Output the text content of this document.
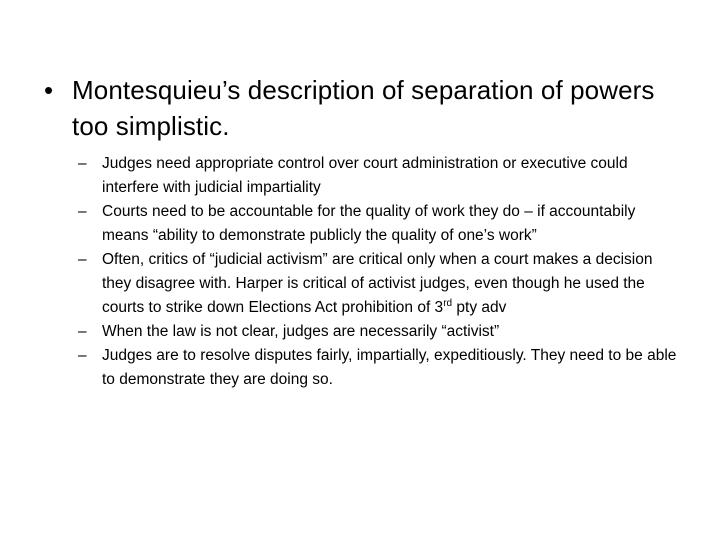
• Montesquieu’s description of separation of powers too simplistic.
– Judges need appropriate control over court administration or executive could interfere with judicial impartiality
– Courts need to be accountable for the quality of work they do – if accountabily means “ability to demonstrate publicly the quality of one’s work”
– Often, critics of “judicial activism” are critical only when a court makes a decision they disagree with. Harper is critical of activist judges, even though he used the courts to strike down Elections Act prohibition of 3rd pty adv
– When the law is not clear, judges are necessarily “activist”
– Judges are to resolve disputes fairly, impartially, expeditiously. They need to be able to demonstrate they are doing so.
